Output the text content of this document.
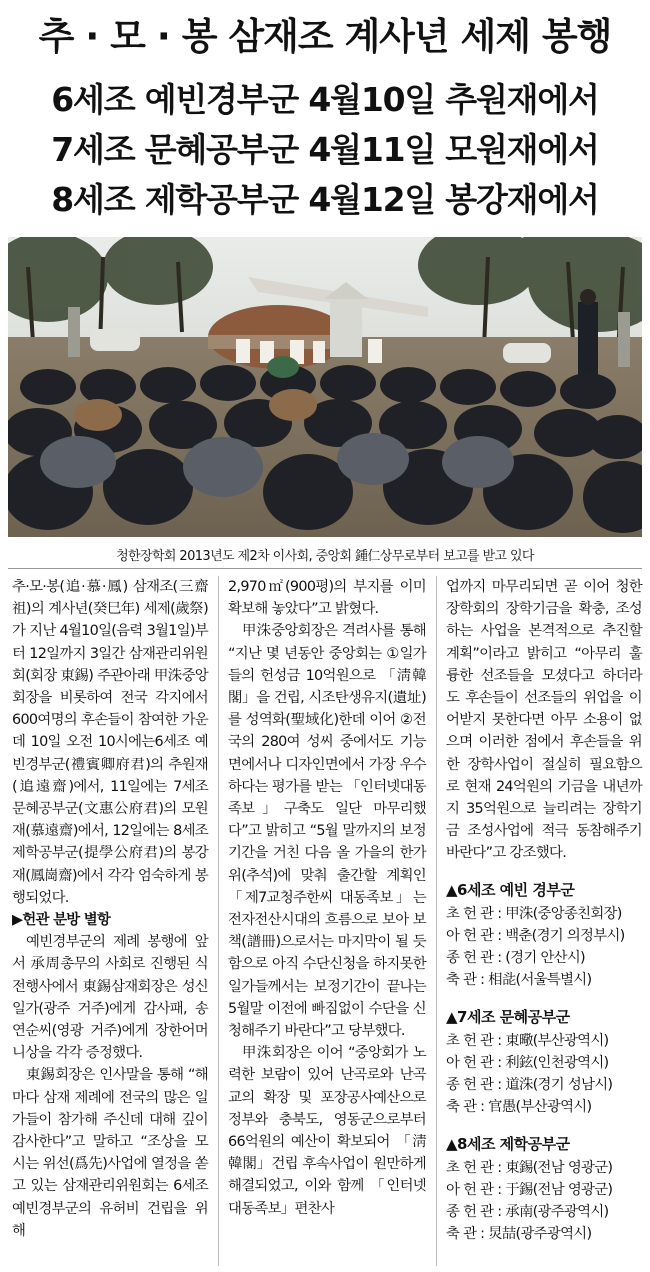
추 · 모 · 봉 삼재조 계사년 세제 봉행
6세조 예빈경부군 4월10일 추원재에서
7세조 문혜공부군 4월11일 모원재에서
8세조 제학공부군 4월12일 봉강재에서
청한장학회 2013년도 제2차 이사회, 중앙회 鍾仁상무로부터 보고를 받고 있다

추·모·봉(追·慕·鳳) 삼재조(三齋祖)의 계사년(癸巳年) 세제(歲祭)가 지난 4월10일(음력 3월1일)부터 12일까지 3일간 삼재관리위원회(회장 東錫) 주관아래 甲洙중앙회장을 비롯하여 전국 각지에서 600여명의 후손들이 참여한 가운데 10일 오전 10시에는6세조 예빈경부군(禮賓卿府君)의 추원재(追遠齋)에서, 11일에는 7세조 문혜공부군(文惠公府君)의 모원재(慕遠齋)에서, 12일에는 8세조 제학공부군(提學公府君)의 봉강재(鳳崗齋)에서 각각 엄숙하게 봉행되었다.

▶헌관 분방 별항

예빈경부군의 제례 봉행에 앞서 承周총무의 사회로 진행된 식전행사에서 東錫삼재회장은 성신일가(광주 거주)에게 감사패, 송연순씨(영광 거주)에게 장한어머니상을 각각 증정했다.

東錫회장은 인사말을 통해 “해마다 삼재 제례에 전국의 많은 일가들이 참가해 주신데 대해 깊이 감사한다”고 말하고 “조상을 모시는 위선(爲先)사업에 열정을 쏟고 있는 삼재관리위원회는 6세조 예빈경부군의 유허비 건립을 위해

2,970㎡(900평)의 부지를 이미 확보해 놓았다”고 밝혔다.

甲洙중앙회장은 격려사를 통해 “지난 몇 년동안 중앙회는 ①일가들의 헌성금 10억원으로 「淸韓閣」을 건립, 시조탄생유지(遺址)를 성역화(聖域化)한데 이어 ②전국의 280여 성씨 중에서도 기능면에서나 디자인면에서 가장 우수하다는 평가를 받는 「인터넷대동족보」구축도 일단 마무리했다”고 밝히고 “5월 말까지의 보정기간을 거친 다음 올 가을의 한가위(추석)에 맞춰 출간할 계획인 「제7교청주한씨 대동족보」는 전자전산시대의 흐름으로 보아 보책(譜冊)으로서는 마지막이 될 듯 함으로 아직 수단신청을 하지못한 일가들께서는 보정기간이 끝나는 5월말 이전에 빠짐없이 수단을 신청해주기 바란다”고 당부했다.

甲洙회장은 이어 “중앙회가 노력한 보람이 있어 난곡로와 난곡교의 확장 및 포장공사예산으로 정부와 충북도, 영동군으로부터 66억원의 예산이 확보되어 「淸韓閣」건립 후속사업이 원만하게 해결되었고, 이와 함께 「인터넷대동족보」편찬사

업까지 마무리되면 곧 이어 청한장학회의 장학기금을 확충, 조성하는 사업을 본격적으로 추진할 계획”이라고 밝히고 “아무리 훌륭한 선조들을 모셨다고 하더라도 후손들이 선조들의 위업을 이어받지 못한다면 아무 소용이 없으며 이러한 점에서 후손들을 위한 장학사업이 절실히 필요함으로 현재 24억원의 기금을 내년까지 35억원으로 늘리려는 장학기금 조성사업에 적극 동참해주기 바란다”고 강조했다.

▲6세조 예빈 경부군
초 헌 관 : 甲洙(중앙종친회장)
아 헌 관 : 백춘(경기 의정부시)
종 헌 관 : (경기 안산시)
축 관 : 相㖍(서울특별시)
▲7세조 문혜공부군
초 헌 관 : 東曔(부산광역시)
아 헌 관 : 利鉉(인천광역시)
종 헌 관 : 道洙(경기 성남시)
축 관 : 官愚(부산광역시)
▲8세조 제학공부군
초 헌 관 : 東錫(전남 영광군)
아 헌 관 : 于錫(전남 영광군)
종 헌 관 : 承南(광주광역시)
축 관 : 炅喆(광주광역시)
